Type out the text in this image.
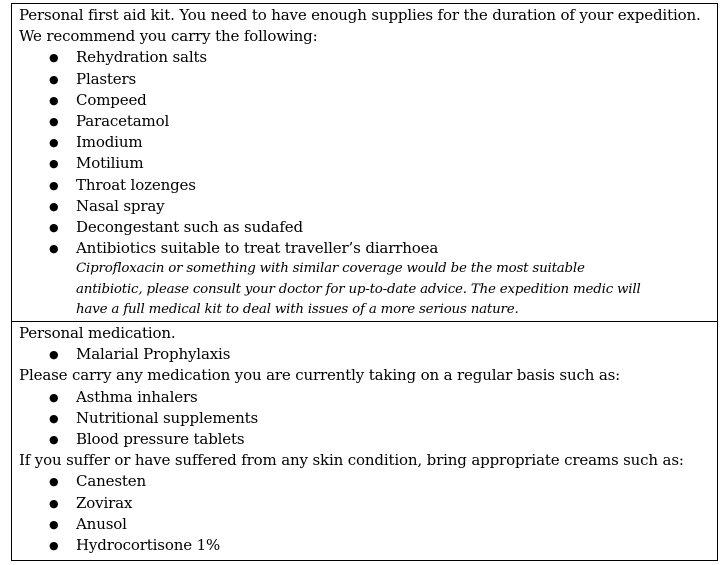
Personal first aid kit. You need to have enough supplies for the duration of your expedition.
We recommend you carry the following:
● Rehydration salts
● Plasters
● Compeed
● Paracetamol
● Imodium
● Motilium
● Throat lozenges
● Nasal spray
● Decongestant such as sudafed
● Antibiotics suitable to treat traveller’s diarrhoea
Ciprofloxacin or something with similar coverage would be the most suitable
antibiotic, please consult your doctor for up-to-date advice. The expedition medic will
have a full medical kit to deal with issues of a more serious nature.
Personal medication.
● Malarial Prophylaxis
Please carry any medication you are currently taking on a regular basis such as:
● Asthma inhalers
● Nutritional supplements
● Blood pressure tablets
If you suffer or have suffered from any skin condition, bring appropriate creams such as:
● Canesten
● Zovirax
● Anusol
● Hydrocortisone 1%
